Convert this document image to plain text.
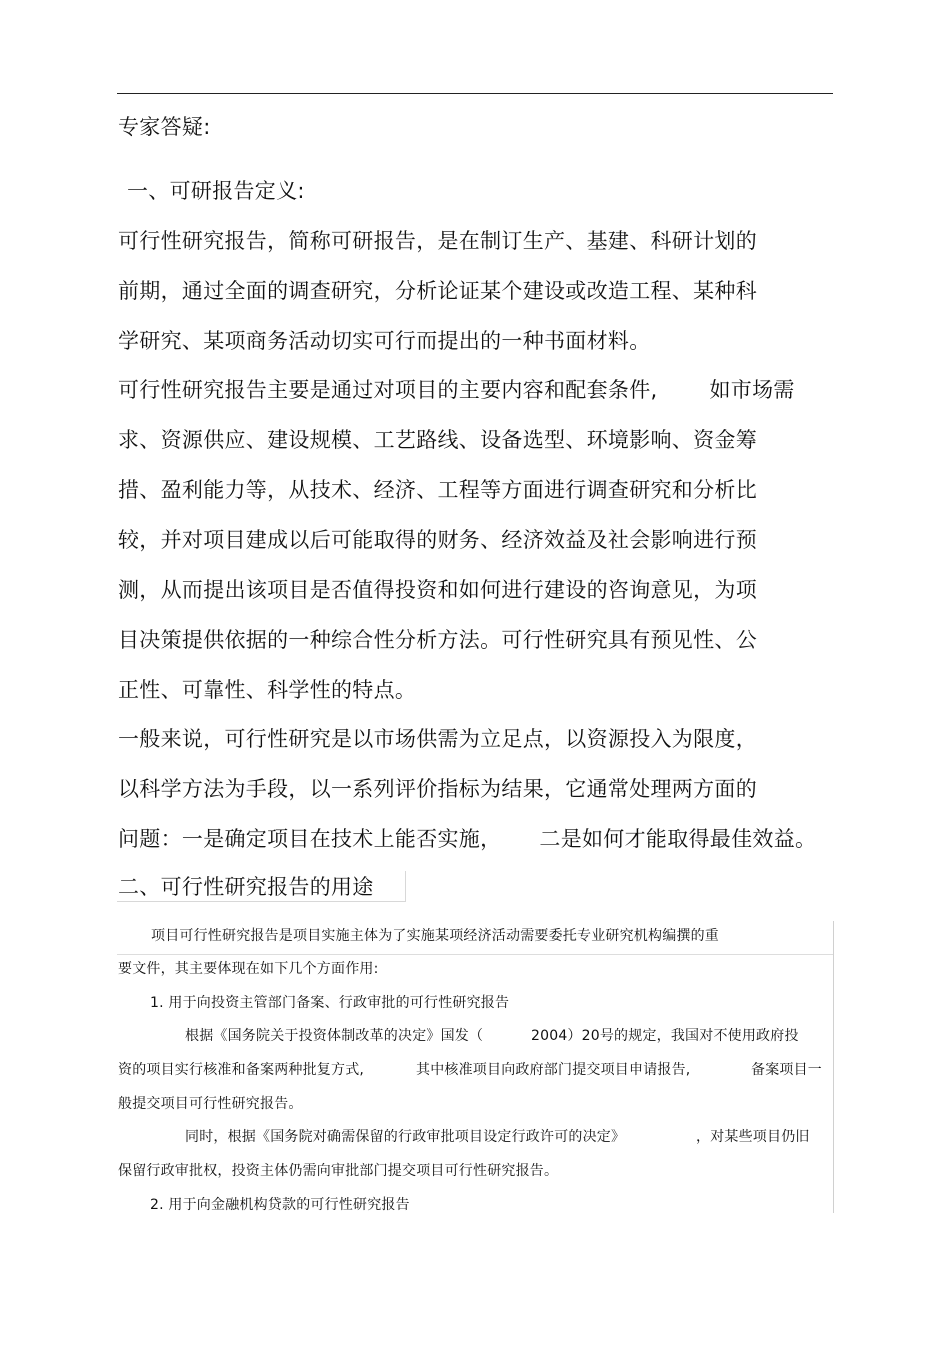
专家答疑:
一、可研报告定义:
可行性研究报告，简称可研报告，是在制订生产、基建、科研计划的
前期，通过全面的调查研究，分析论证某个建设或改造工程、某种科
学研究、某项商务活动切实可行而提出的一种书面材料。
可行性研究报告主要是通过对项目的主要内容和配套条件, 如市场需
求、资源供应、建设规模、工艺路线、设备选型、环境影响、资金筹
措、盈利能力等，从技术、经济、工程等方面进行调查研究和分析比
较，并对项目建成以后可能取得的财务、经济效益及社会影响进行预
测，从而提出该项目是否值得投资和如何进行建设的咨询意见，为项
目决策提供依据的一种综合性分析方法。可行性研究具有预见性、公
正性、可靠性、科学性的特点。
一般来说，可行性研究是以市场供需为立足点，以资源投入为限度，
以科学方法为手段，以一系列评价指标为结果，它通常处理两方面的
问题：一是确定项目在技术上能否实施， 二是如何才能取得最佳效益。
二、可行性研究报告的用途
项目可行性研究报告是项目实施主体为了实施某项经济活动需要委托专业研究机构编撰的重
要文件，其主要体现在如下几个方面作用:
1. 用于向投资主管部门备案、行政审批的可行性研究报告
根据《国务院关于投资体制改革的决定》国发（	2004）20号的规定，我国对不使用政府投
资的项目实行核准和备案两种批复方式,	其中核准项目向政府部门提交项目申请报告,	备案项目一
般提交项目可行性研究报告。
同时，根据《国务院对确需保留的行政审批项目设定行政许可的决定》	，对某些项目仍旧
保留行政审批权，投资主体仍需向审批部门提交项目可行性研究报告。
2. 用于向金融机构贷款的可行性研究报告
